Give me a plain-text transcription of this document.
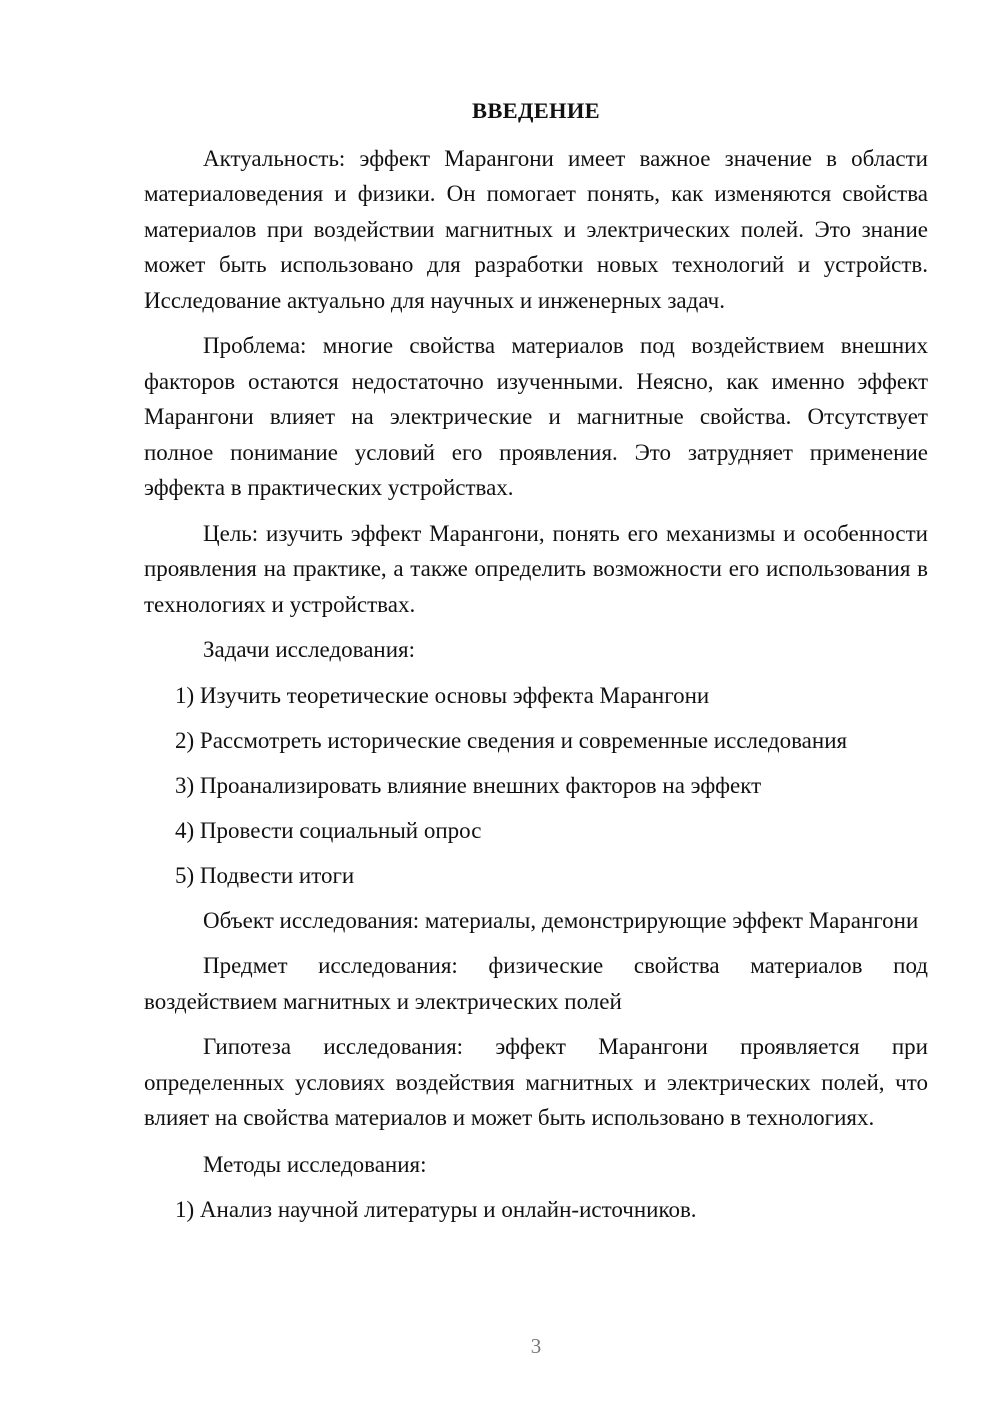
ВВЕДЕНИЕ

Актуальность: эффект Марангони имеет важное значение в области материаловедения и физики. Он помогает понять, как изменяются свойства материалов при воздействии магнитных и электрических полей. Это знание может быть использовано для разработки новых технологий и устройств. Исследование актуально для научных и инженерных задач.

Проблема: многие свойства материалов под воздействием внешних факторов остаются недостаточно изученными. Неясно, как именно эффект Марангони влияет на электрические и магнитные свойства. Отсутствует полное понимание условий его проявления. Это затрудняет применение эффекта в практических устройствах.

Цель: изучить эффект Марангони, понять его механизмы и особенности проявления на практике, а также определить возможности его использования в технологиях и устройствах.

Задачи исследования:

1) Изучить теоретические основы эффекта Марангони
2) Рассмотреть исторические сведения и современные исследования
3) Проанализировать влияние внешних факторов на эффект
4) Провести социальный опрос
5) Подвести итоги

Объект исследования: материалы, демонстрирующие эффект Марангони

Предмет исследования: физические свойства материалов под воздействием магнитных и электрических полей

Гипотеза исследования: эффект Марангони проявляется при определенных условиях воздействия магнитных и электрических полей, что влияет на свойства материалов и может быть использовано в технологиях.

Методы исследования:

1) Анализ научной литературы и онлайн-источников.
3
